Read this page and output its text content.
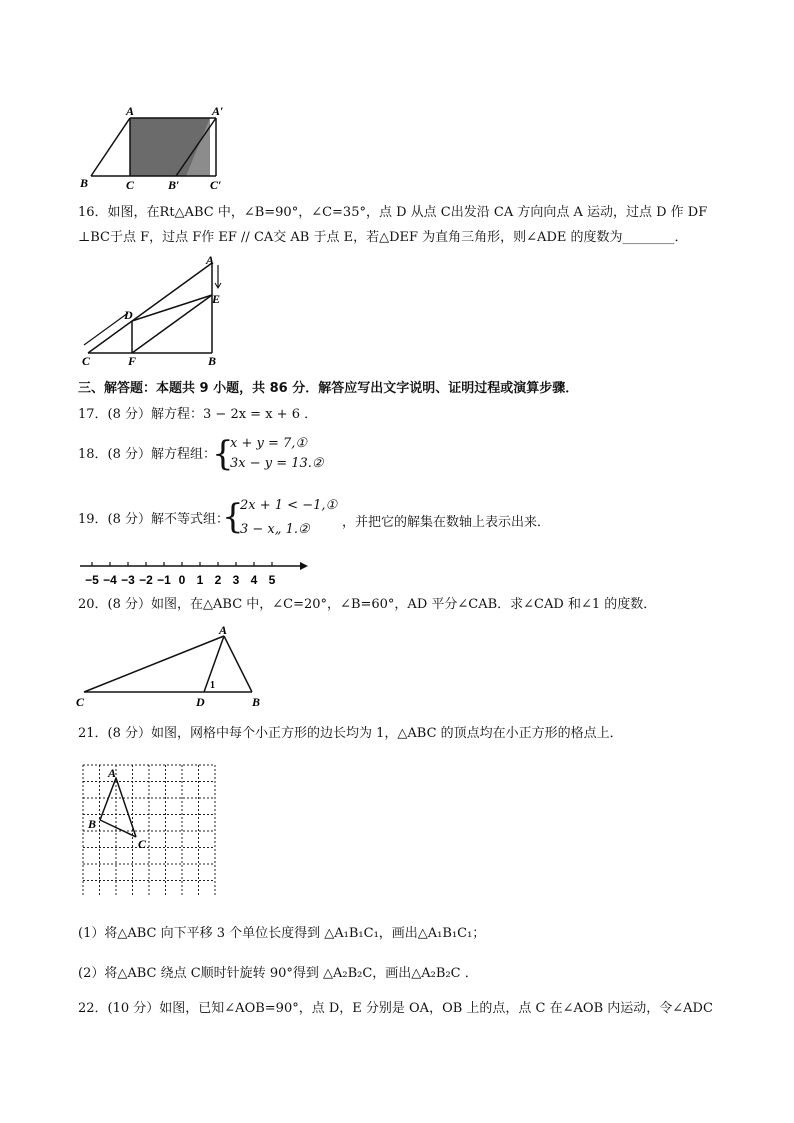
A	A′
B	C	B′	C′
16．如图，在Rt△ABC 中，∠B=90°，∠C=35°，点 D 从点 C出发沿 CA 方向向点 A 运动，过点 D 作 DF
⊥BC于点 F，过点 F作 EF // CA交 AB 于点 E，若△DEF 为直角三角形，则∠ADE 的度数为________．
A
E
D
C	F	B
三、解答题：本题共 9 小题，共 86 分．解答应写出文字说明、证明过程或演算步骤．
17．(8 分）解方程：3 − 2x = x + 6 ．
18．(8 分）解方程组：
{
x + y = 7,①
3x − y = 13.②
19．(8 分）解不等式组：
{
2x + 1 < −1,①
3 − x„ 1.②	，并把它的解集在数轴上表示出来．
−5 −4 −3 −2 −1 0 1 2 3 4 5
20．(8 分）如图，在△ABC 中，∠C=20°，∠B=60°，AD 平分∠CAB．求∠CAD 和∠1 的度数．
A
C	D	B
1
21．(8 分）如图，网格中每个小正方形的边长均为 1，△ABC 的顶点均在小正方形的格点上．
A
B
C
(1）将△ABC 向下平移 3 个单位长度得到 △A₁B₁C₁，画出△A₁B₁C₁；
(2）将△ABC 绕点 C顺时针旋转 90°得到 △A₂B₂C，画出△A₂B₂C ．
22．(10 分）如图，已知∠AOB=90°，点 D，E 分别是 OA，OB 上的点，点 C 在∠AOB 内运动，令∠ADC
